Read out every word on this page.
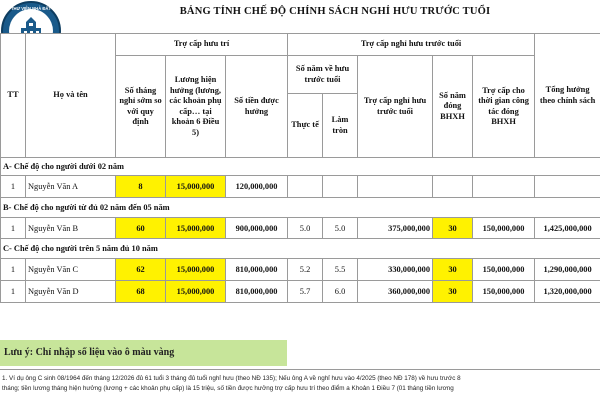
THƯ VIỆN NHÀ ĐẤT	BẢNG TÍNH CHẾ ĐỘ CHÍNH SÁCH NGHỈ HƯU TRƯỚC TUỔI
TT	Họ và tên	Trợ cấp hưu trí			Trợ cấp nghỉ hưu trước tuổi					Tổng hưởng theo chính sách
		Số tháng nghỉ sớm so với quy định	Lương hiện hưởng (lương, các khoản phụ cấp… tại khoản 6 Điều 5)	Số tiền được hưởng	Số năm về hưu trước tuổi		Trợ cấp nghỉ hưu trước tuổi	Số năm đóng BHXH	Trợ cấp cho thời gian công tác đóng BHXH	
					Thực tế	Làm tròn				
A- Chế độ cho người dưới 02 năm										
1	Nguyễn Văn A	8	15,000,000	120,000,000						
B- Chế độ cho người từ đủ 02 năm đến 05 năm										
1	Nguyễn Văn B	60	15,000,000	900,000,000	5.0	5.0	375,000,000	30	150,000,000	1,425,000,000
C- Chế độ cho người trên 5 năm đủ 10 năm										
1	Nguyễn Văn C	62	15,000,000	810,000,000	5.2	5.5	330,000,000	30	150,000,000	1,290,000,000
1	Nguyễn Văn D	68	15,000,000	810,000,000	5.7	6.0	360,000,000	30	150,000,000	1,320,000,000
Lưu ý: Chỉ nhập số liệu vào ô màu vàng
1. Ví dụ ông C sinh 08/1964 đến tháng 12/2026 đủ 61 tuổi 3 tháng đủ tuổi nghỉ hưu (theo NĐ 135); Nếu ông A về nghỉ hưu vào 4/2025 (theo NĐ 178) về hưu trước 8
tháng; tiền lương tháng hiện hưởng (lương + các khoản phụ cấp) là 15 triệu, số tiền được hưởng trợ cấp hưu trí theo điểm a Khoản 1 Điều 7 (01 tháng tiền lương
